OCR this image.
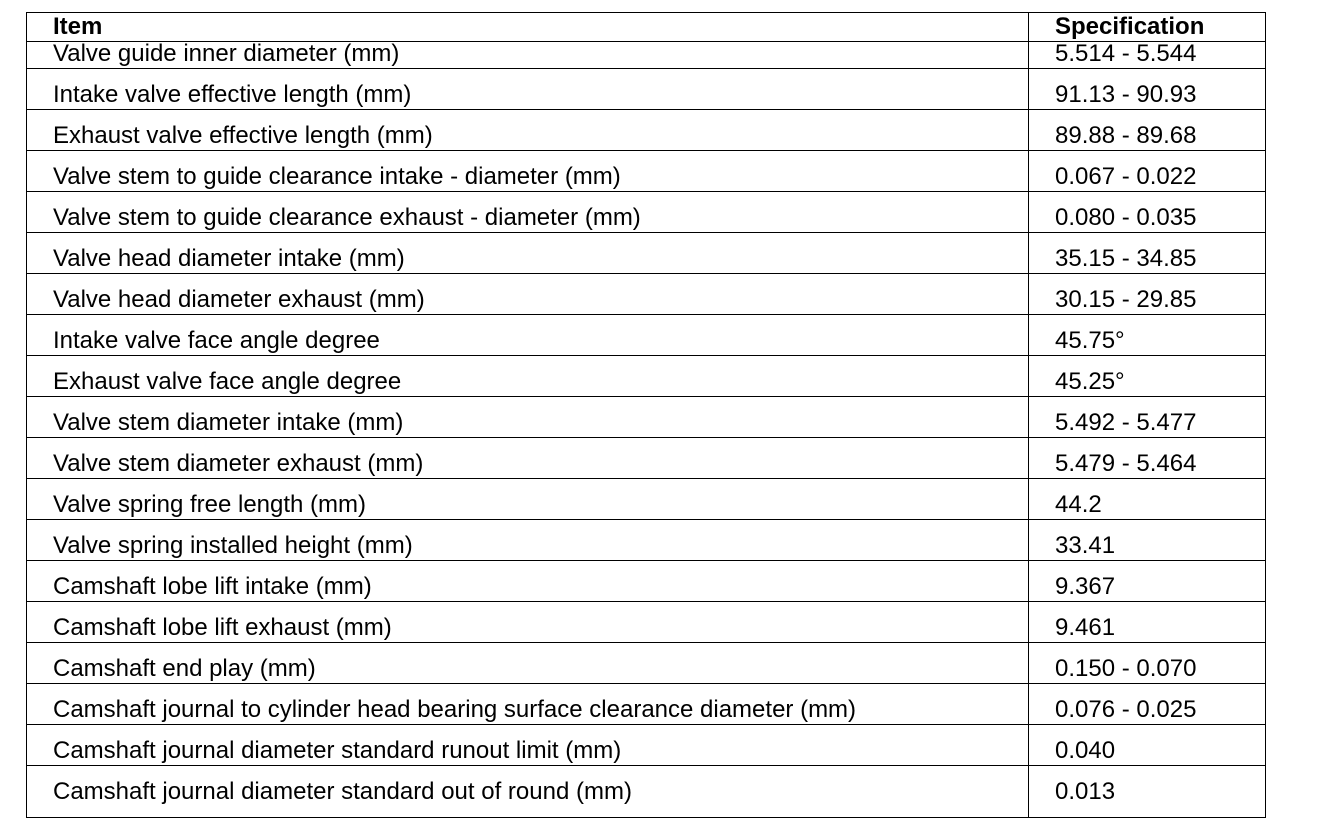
Item	Specification
Valve guide inner diameter (mm)	5.514 - 5.544
Intake valve effective length (mm)	91.13 - 90.93
Exhaust valve effective length (mm)	89.88 - 89.68
Valve stem to guide clearance intake - diameter (mm)	0.067 - 0.022
Valve stem to guide clearance exhaust - diameter (mm)	0.080 - 0.035
Valve head diameter intake (mm)	35.15 - 34.85
Valve head diameter exhaust (mm)	30.15 - 29.85
Intake valve face angle degree	45.75°
Exhaust valve face angle degree	45.25°
Valve stem diameter intake (mm)	5.492 - 5.477
Valve stem diameter exhaust (mm)	5.479 - 5.464
Valve spring free length (mm)	44.2
Valve spring installed height (mm)	33.41
Camshaft lobe lift intake (mm)	9.367
Camshaft lobe lift exhaust (mm)	9.461
Camshaft end play (mm)	0.150 - 0.070
Camshaft journal to cylinder head bearing surface clearance diameter (mm)	0.076 - 0.025
Camshaft journal diameter standard runout limit (mm)	0.040
Camshaft journal diameter standard out of round (mm)	0.013
